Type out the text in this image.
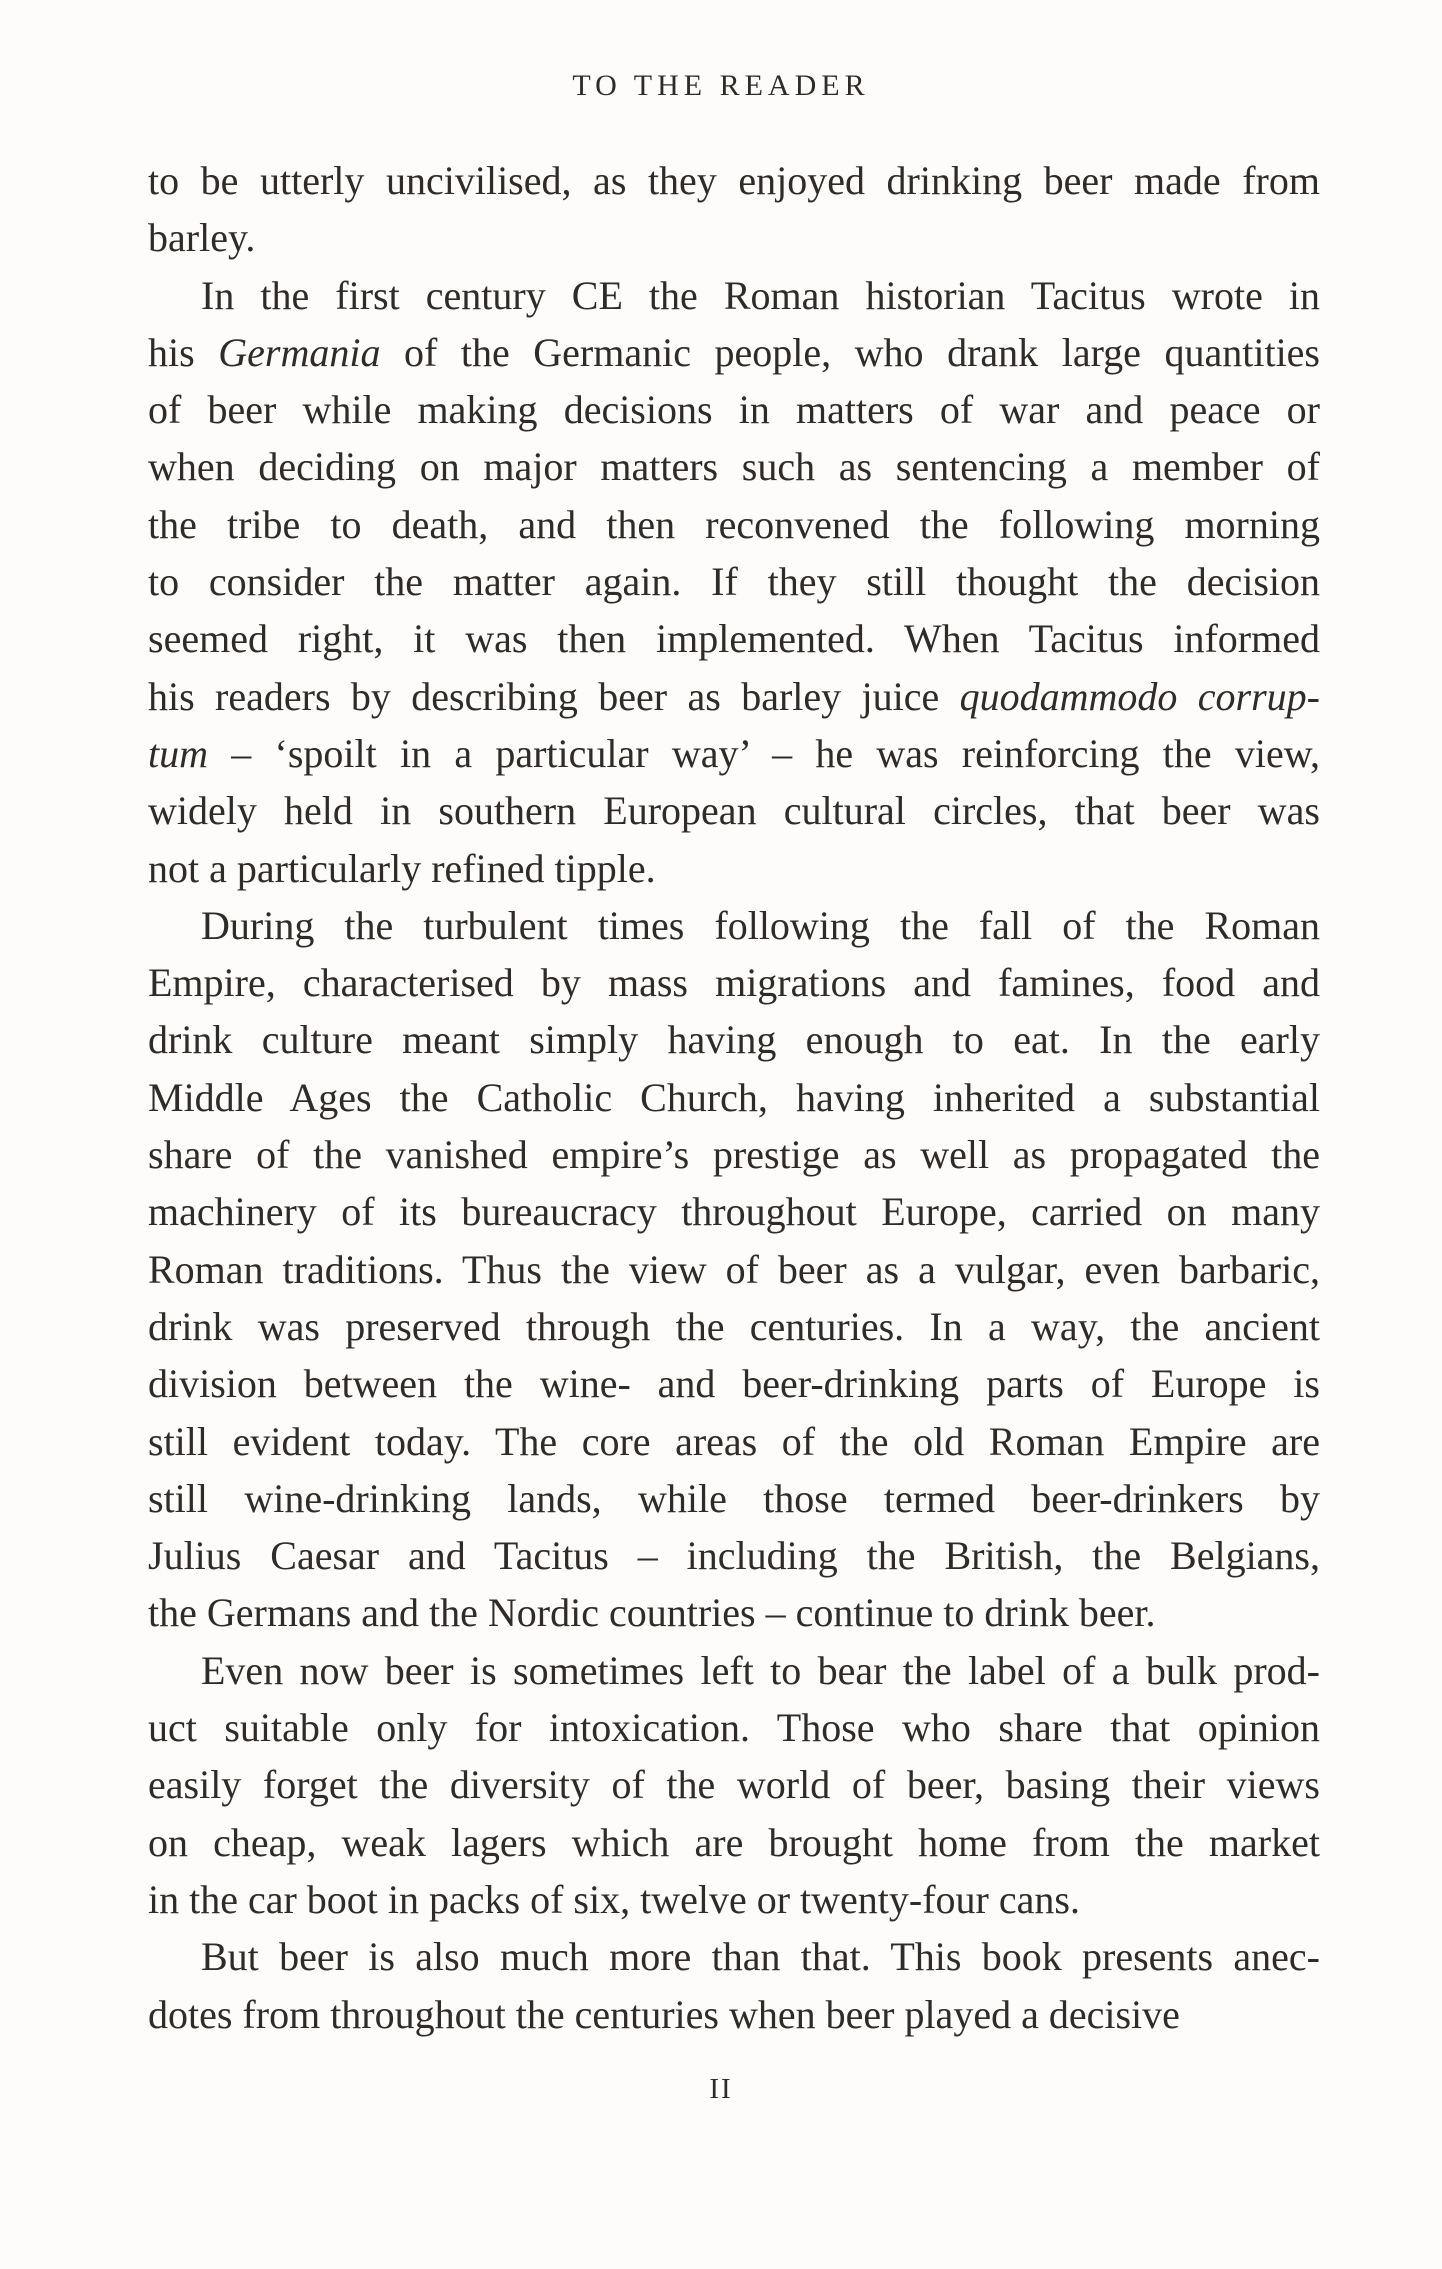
TO THE READER
to be utterly uncivilised, as they enjoyed drinking beer made from
barley.
In the first century CE the Roman historian Tacitus wrote in
his Germania of the Germanic people, who drank large quantities
of beer while making decisions in matters of war and peace or
when deciding on major matters such as sentencing a member of
the tribe to death, and then reconvened the following morning
to consider the matter again. If they still thought the decision
seemed right, it was then implemented. When Tacitus informed
his readers by describing beer as barley juice quodammodo corrup-
tum – ‘spoilt in a particular way’ – he was reinforcing the view,
widely held in southern European cultural circles, that beer was
not a particularly refined tipple.
During the turbulent times following the fall of the Roman
Empire, characterised by mass migrations and famines, food and
drink culture meant simply having enough to eat. In the early
Middle Ages the Catholic Church, having inherited a substantial
share of the vanished empire’s prestige as well as propagated the
machinery of its bureaucracy throughout Europe, carried on many
Roman traditions. Thus the view of beer as a vulgar, even barbaric,
drink was preserved through the centuries. In a way, the ancient
division between the wine- and beer-drinking parts of Europe is
still evident today. The core areas of the old Roman Empire are
still wine-drinking lands, while those termed beer-drinkers by
Julius Caesar and Tacitus – including the British, the Belgians,
the Germans and the Nordic countries – continue to drink beer.
Even now beer is sometimes left to bear the label of a bulk prod-
uct suitable only for intoxication. Those who share that opinion
easily forget the diversity of the world of beer, basing their views
on cheap, weak lagers which are brought home from the market
in the car boot in packs of six, twelve or twenty-four cans.
But beer is also much more than that. This book presents anec-
dotes from throughout the centuries when beer played a decisive
II
